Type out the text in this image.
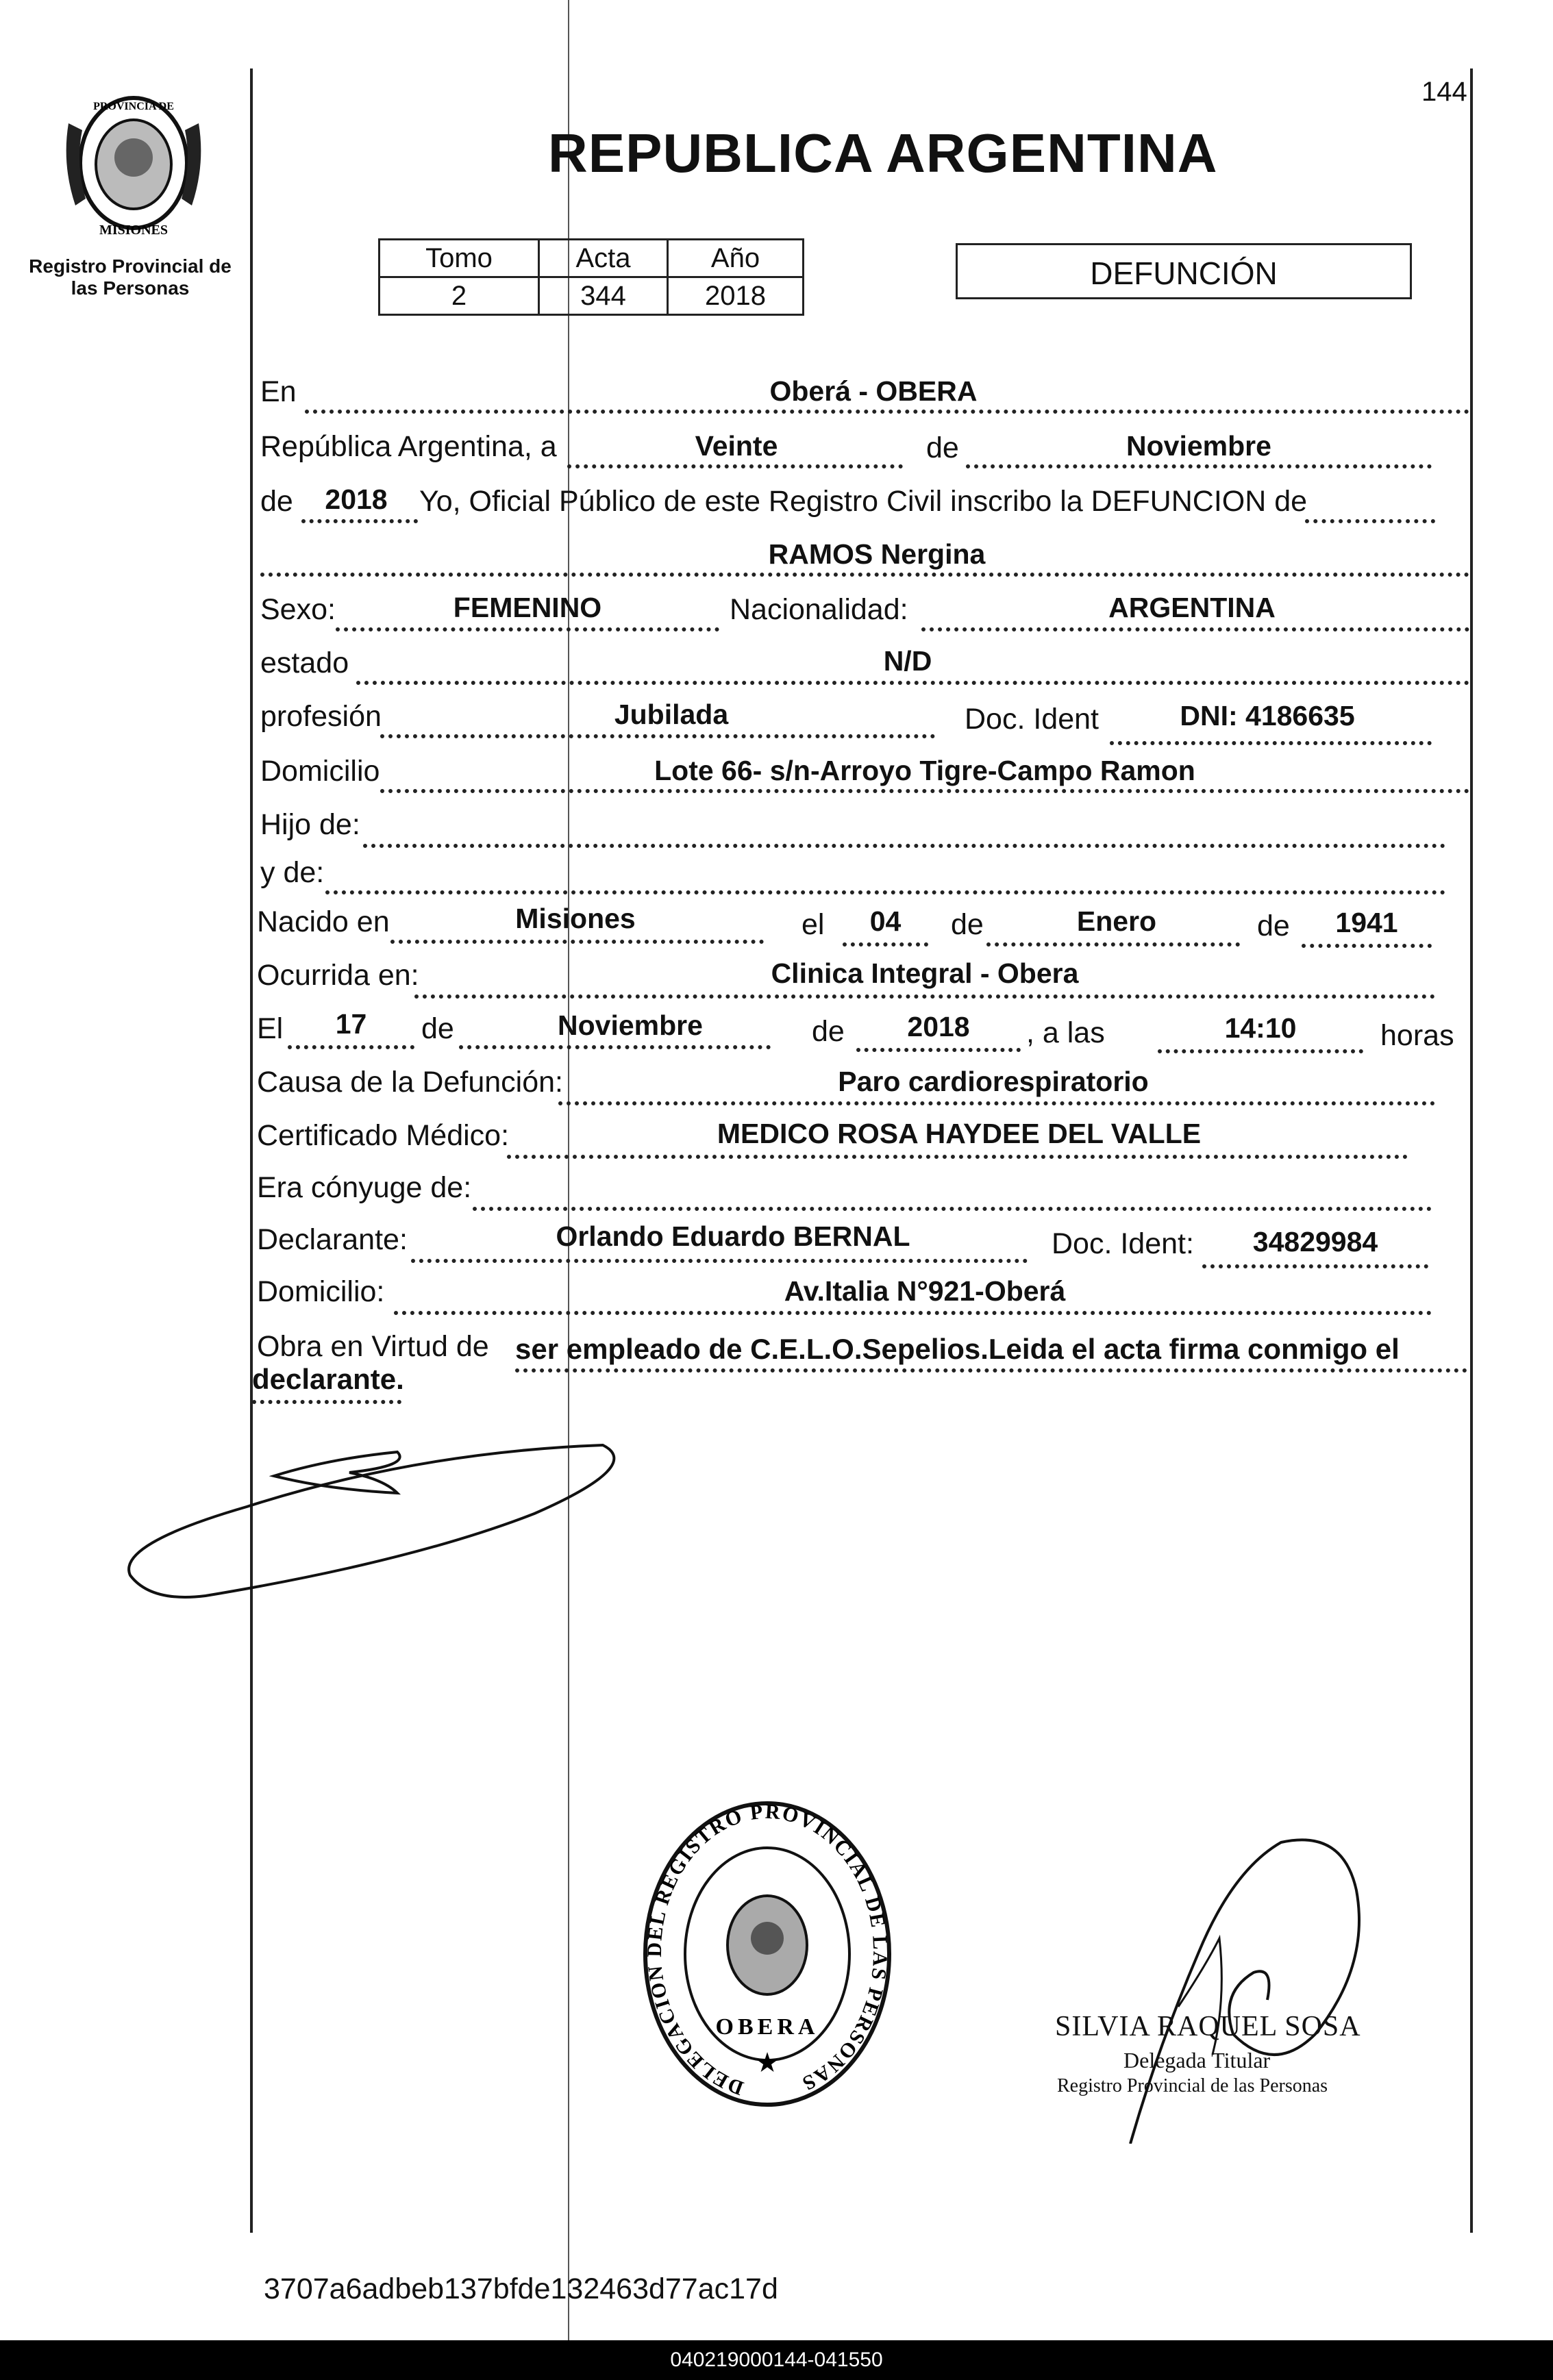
PROVINCIA DE
MISIONES
Registro Provincial de
las Personas
144
REPUBLICA ARGENTINA
Tomo	Acta	Año
2	344	2018
DEFUNCIÓN
En	Oberá - OBERA
República Argentina, a	Veinte	de	Noviembre
de	2018	Yo, Oficial Público de este Registro Civil inscribo la DEFUNCION de
RAMOS Nergina
Sexo:	FEMENINO	Nacionalidad:	ARGENTINA
estado	N/D
profesión	Jubilada	Doc. Ident	DNI: 4186635
Domicilio	Lote 66- s/n-Arroyo Tigre-Campo Ramon
Hijo de:
y de:
Nacido en	Misiones	el	04	de	Enero	de	1941
Ocurrida en:	Clinica Integral - Obera
El	17	de	Noviembre	de	2018	, a las	14:10	horas
Causa de la Defunción:	Paro cardiorespiratorio
Certificado Médico:	MEDICO ROSA HAYDEE DEL VALLE
Era cónyuge de:
Declarante:	Orlando Eduardo BERNAL	Doc. Ident:	34829984
Domicilio:	Av.Italia N°921-Oberá
Obra en Virtud de ser empleado de C.E.L.O.Sepelios.Leida el acta firma conmigo el
declarante.
DELEGACION DEL REGISTRO PROVINCIAL DE LAS PERSONAS
OBERA
★
SILVIA RAQUEL SOSA
Delegada Titular
Registro Provincial de las Personas
3707a6adbeb137bfde132463d77ac17d
040219000144-041550
